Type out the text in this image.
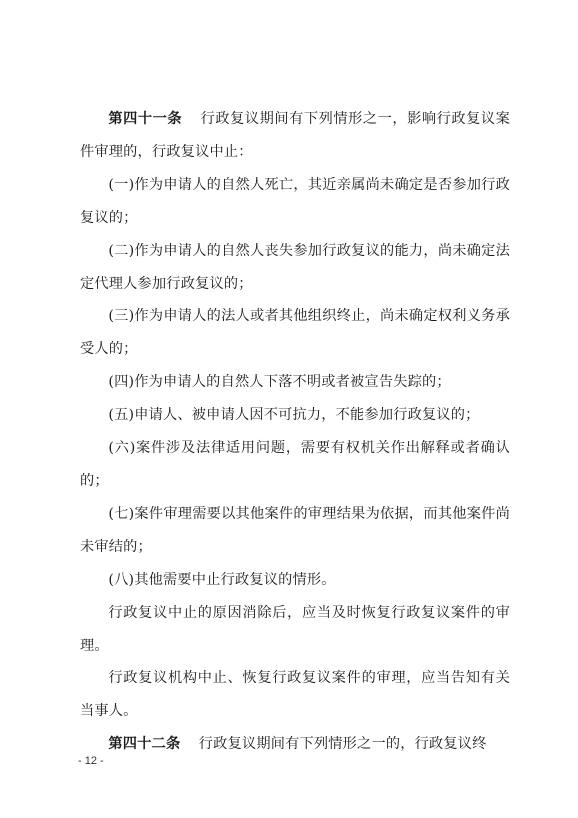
第四十一条 行政复议期间有下列情形之一，影响行政复议案件审理的，行政复议中止：

(一)作为申请人的自然人死亡，其近亲属尚未确定是否参加行政复议的；

(二)作为申请人的自然人丧失参加行政复议的能力，尚未确定法定代理人参加行政复议的；

(三)作为申请人的法人或者其他组织终止，尚未确定权利义务承受人的；

(四)作为申请人的自然人下落不明或者被宣告失踪的；

(五)申请人、被申请人因不可抗力，不能参加行政复议的；

(六)案件涉及法律适用问题，需要有权机关作出解释或者确认的；

(七)案件审理需要以其他案件的审理结果为依据，而其他案件尚未审结的；

(八)其他需要中止行政复议的情形。

行政复议中止的原因消除后，应当及时恢复行政复议案件的审理。

行政复议机构中止、恢复行政复议案件的审理，应当告知有关当事人。

第四十二条 行政复议期间有下列情形之一的，行政复议终

- 12 -
